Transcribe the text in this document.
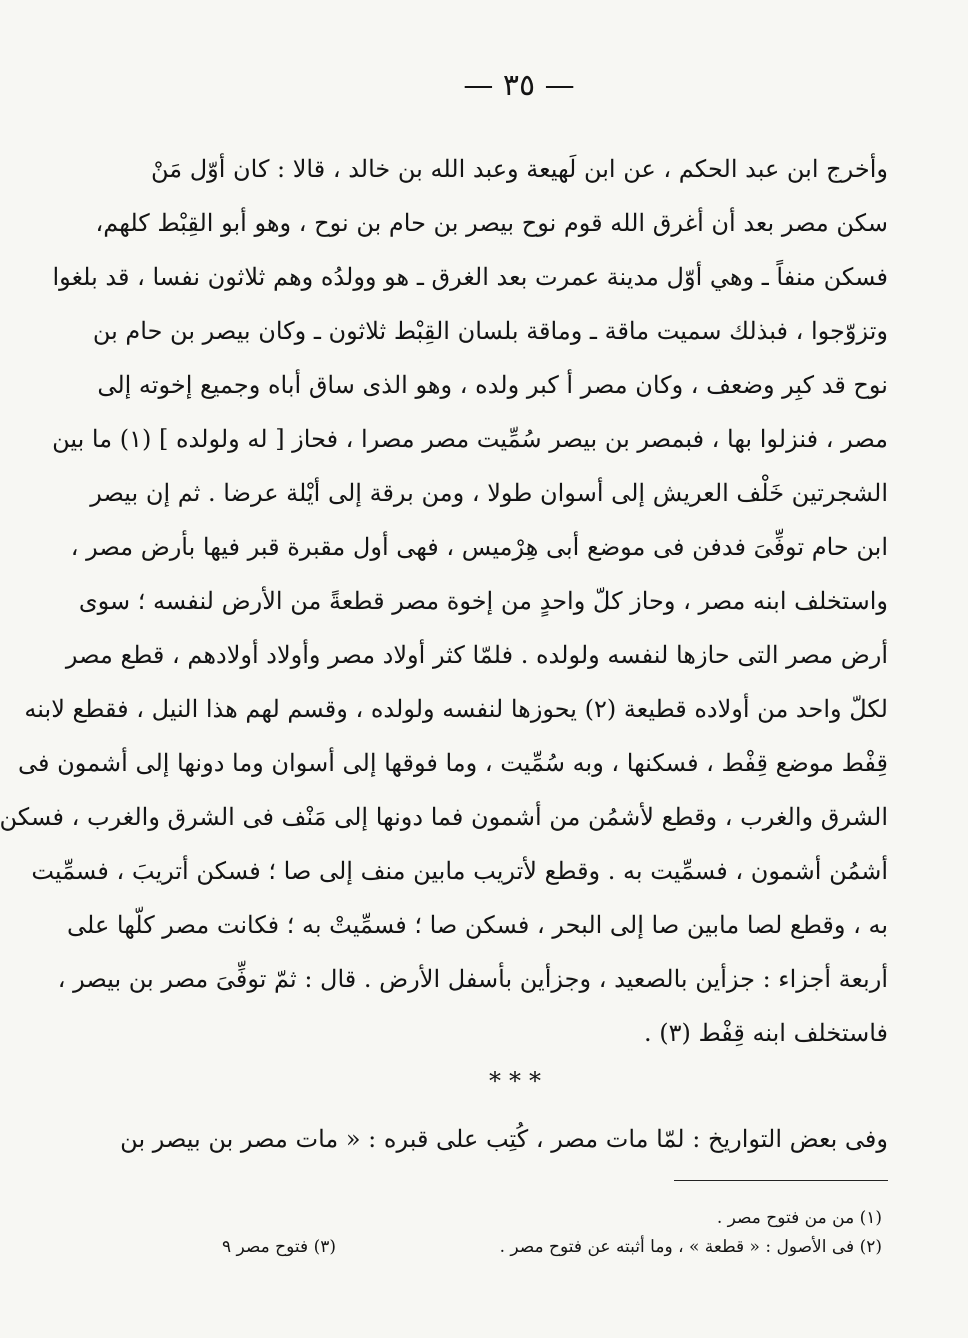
— ٣٥ —
وأخرج ابن عبد الحكم ، عن ابن لَهيعة وعبد الله بن خالد ، قالا : كان أوّل مَنْ
سكن مصر بعد أن أغرق الله قوم نوح بيصر بن حام بن نوح ، وهو أبو القِبْط كلهم،
فسكن منفاً ـ وهي أوّل مدينة عمرت بعد الغرق ـ هو وولدُه وهم ثلاثون نفسا ، قد بلغوا
وتزوّجوا ، فبذلك سميت ماقة ـ وماقة بلسان القِبْط ثلاثون ـ وكان بيصر بن حام بن
نوح قد كبِر وضعف ، وكان مصر أ كبر ولده ، وهو الذى ساق أباه وجميع إخوته إلى
مصر ، فنزلوا بها ، فبمصر بن بيصر سُمِّيت مصر مصرا ، فحاز [ له ولولده ] (١) ما بين
الشجرتين خَلْف العريش إلى أسوان طولا ، ومن برقة إلى أيْلة عرضا . ثم إن بيصر
ابن حام توفِّىَ فدفن فى موضع أبى هِرْميس ، فهى أول مقبرة قبر فيها بأرض مصر ،
واستخلف ابنه مصر ، وحاز كلّ واحدٍ من إخوة مصر قطعةً من الأرض لنفسه ؛ سوى
أرض مصر التى حازها لنفسه ولولده . فلمّا كثر أولاد مصر وأولاد أولادهم ، قطع مصر
لكلّ واحد من أولاده قطيعة (٢) يحوزها لنفسه ولولده ، وقسم لهم هذا النيل ، فقطع لابنه
قِفْط موضع قِفْط ، فسكنها ، وبه سُمِّيت ، وما فوقها إلى أسوان وما دونها إلى أشمون فى
الشرق والغرب ، وقطع لأشمُن من أشمون فما دونها إلى مَنْف فى الشرق والغرب ، فسكن
أشمُن أشمون ، فسمِّيت به . وقطع لأتريب مابين منف إلى صا ؛ فسكن أتريبَ ، فسمِّيت
به ، وقطع لصا مابين صا إلى البحر ، فسكن صا ؛ فسمِّيتْ به ؛ فكانت مصر كلّها على
أربعة أجزاء : جزأين بالصعيد ، وجزأين بأسفل الأرض . قال : ثمّ توفِّىَ مصر بن بيصر ،
فاستخلف ابنه قِفْط (٣) .
***
وفى بعض التواريخ : لمّا مات مصر ، كُتِب على قبره : « مات مصر بن بيصر بن
(١) من من فتوح مصر .
(٢) فى الأصول : « قطعة » ، وما أثبته عن فتوح مصر .
(٣) فتوح مصر ٩
